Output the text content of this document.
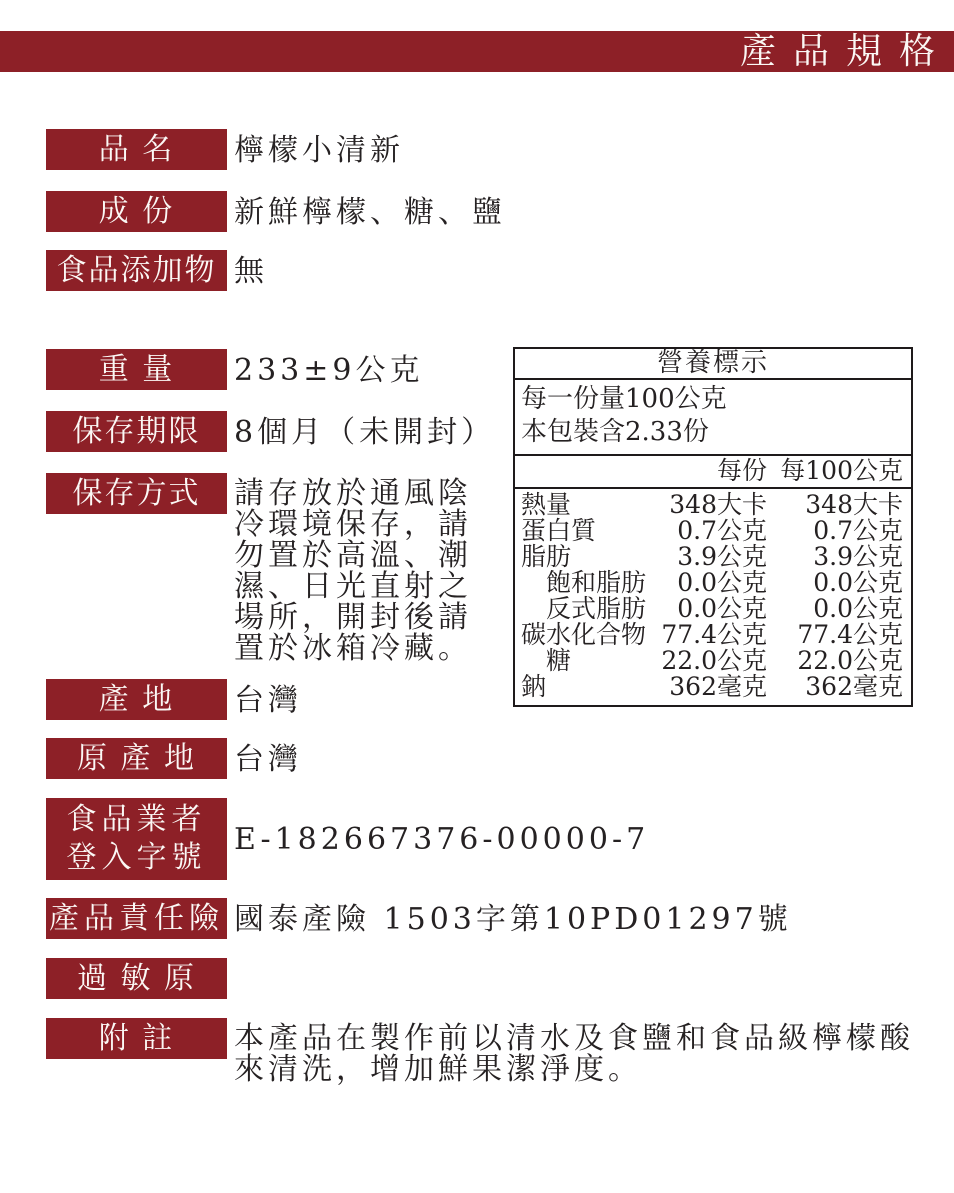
產品規格
品 名 檸檬小清新
成 份 新鮮檸檬、糖、鹽
食品添加物 無
重 量 233±9公克
保存期限 8個月（未開封）
保存方式 請存放於通風陰冷環境保存，請勿置於高溫、潮濕、日光直射之場所，開封後請置於冰箱冷藏。
產 地 台灣
原 產 地 台灣
食品業者
登入字號
E-182667376-00000-7
產品責任險 國泰產險 1503字第10PD01297號
過 敏 原
附 註 本產品在製作前以清水及食鹽和食品級檸檬酸來清洗，增加鮮果潔淨度。
營養標示
每一份量100公克
本包裝含2.33份
每份 每100公克
熱量	348大卡	348大卡
蛋白質	0.7公克	0.7公克
脂肪	3.9公克	3.9公克
　飽和脂肪	0.0公克	0.0公克
　反式脂肪	0.0公克	0.0公克
碳水化合物 77.4公克	77.4公克
　糖	22.0公克	22.0公克
鈉	362毫克	362毫克
